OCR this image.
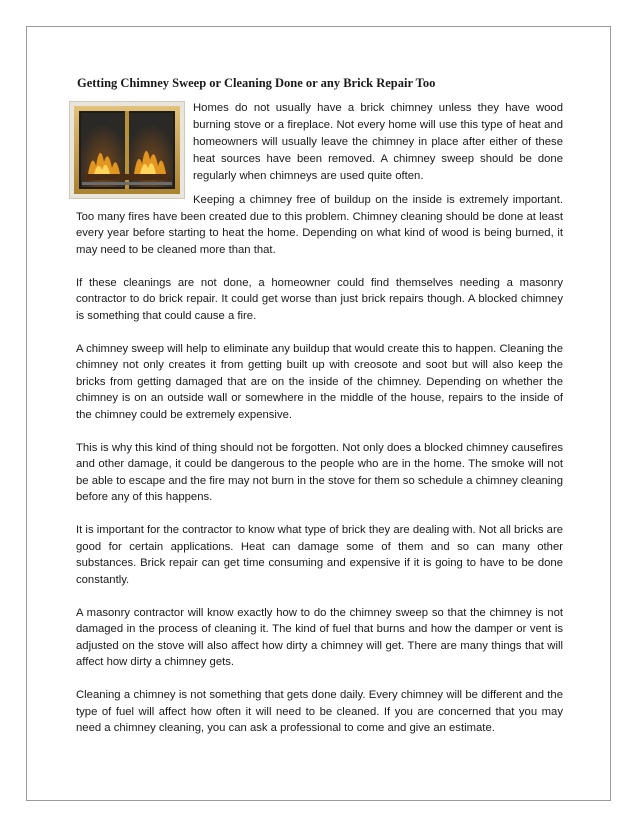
Getting Chimney Sweep or Cleaning Done or any Brick Repair Too

Homes do not usually have a brick chimney unless they have wood burning stove or a fireplace. Not every home will use this type of heat and homeowners will usually leave the chimney in place after either of these heat sources have been removed. A chimney sweep should be done regularly when chimneys are used quite often.

Keeping a chimney free of buildup on the inside is extremely important. Too many fires have been created due to this problem. Chimney cleaning should be done at least every year before starting to heat the home. Depending on what kind of wood is being burned, it may need to be cleaned more than that.

If these cleanings are not done, a homeowner could find themselves needing a masonry contractor to do brick repair. It could get worse than just brick repairs though. A blocked chimney is something that could cause a fire.

A chimney sweep will help to eliminate any buildup that would create this to happen. Cleaning the chimney not only creates it from getting built up with creosote and soot but will also keep the bricks from getting damaged that are on the inside of the chimney. Depending on whether the chimney is on an outside wall or somewhere in the middle of the house, repairs to the inside of the chimney could be extremely expensive.

This is why this kind of thing should not be forgotten. Not only does a blocked chimney causefires and other damage, it could be dangerous to the people who are in the home. The smoke will not be able to escape and the fire may not burn in the stove for them so schedule a chimney cleaning before any of this happens.

It is important for the contractor to know what type of brick they are dealing with. Not all bricks are good for certain applications. Heat can damage some of them and so can many other substances. Brick repair can get time consuming and expensive if it is going to have to be done constantly.

A masonry contractor will know exactly how to do the chimney sweep so that the chimney is not damaged in the process of cleaning it. The kind of fuel that burns and how the damper or vent is adjusted on the stove will also affect how dirty a chimney will get. There are many things that will affect how dirty a chimney gets.

Cleaning a chimney is not something that gets done daily. Every chimney will be different and the type of fuel will affect how often it will need to be cleaned. If you are concerned that you may need a chimney cleaning, you can ask a professional to come and give an estimate.
